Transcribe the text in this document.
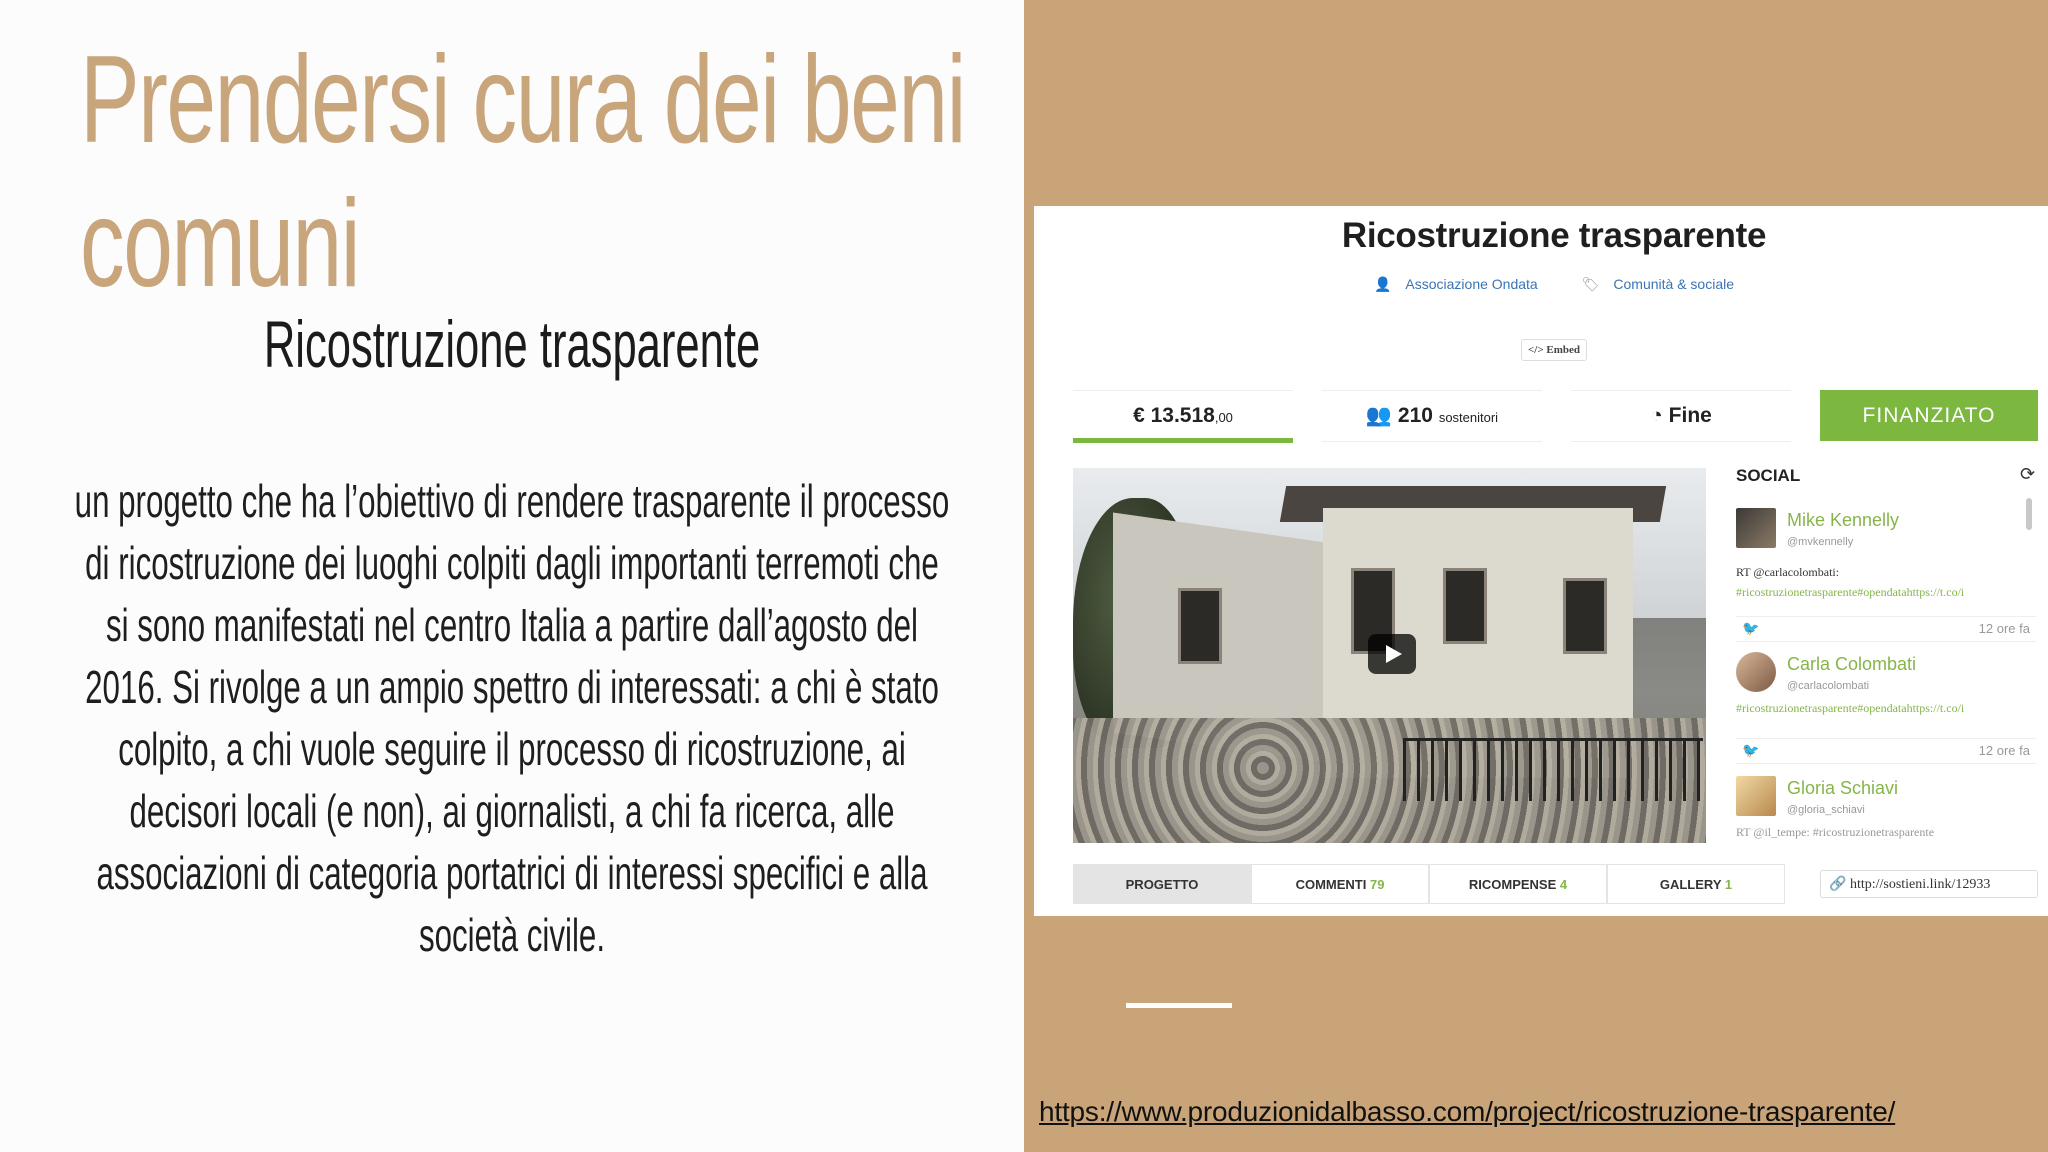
Prendersi cura dei beni
comuni
Ricostruzione trasparente

un progetto che ha l’obiettivo di rendere trasparente il processo di ricostruzione dei luoghi colpiti dagli importanti terremoti che si sono manifestati nel centro Italia a partire dall’agosto del 2016. Si rivolge a un ampio spettro di interessati: a chi è stato colpito, a chi vuole seguire il processo di ricostruzione, ai decisori locali (e non), ai giornalisti, a chi fa ricerca, alle associazioni di categoria portatrici di interessi specifici e alla società civile.

https://www.produzionidalbasso.com/project/ricostruzione-trasparente/
Ricostruzione trasparente
👤 Associazione Ondata	🏷 Comunità & sociale
</> Embed
€ 13.518,00	👥 210 sostenitori	◔ Fine	FINANZIATO
SOCIAL	⟳
Mike Kennelly
@mvkennelly
RT @carlacolombati:
#ricostruzionetrasparente#opendatahttps://t.co/i
🐦	12 ore fa
Carla Colombati
@carlacolombati
#ricostruzionetrasparente#opendatahttps://t.co/i
🐦	12 ore fa
Gloria Schiavi
@gloria_schiavi
RT @il_tempe: #ricostruzionetrasparente
PROGETTO	COMMENTI 79	RICOMPENSE 4	GALLERY 1	🔗 http://sostieni.link/12933
